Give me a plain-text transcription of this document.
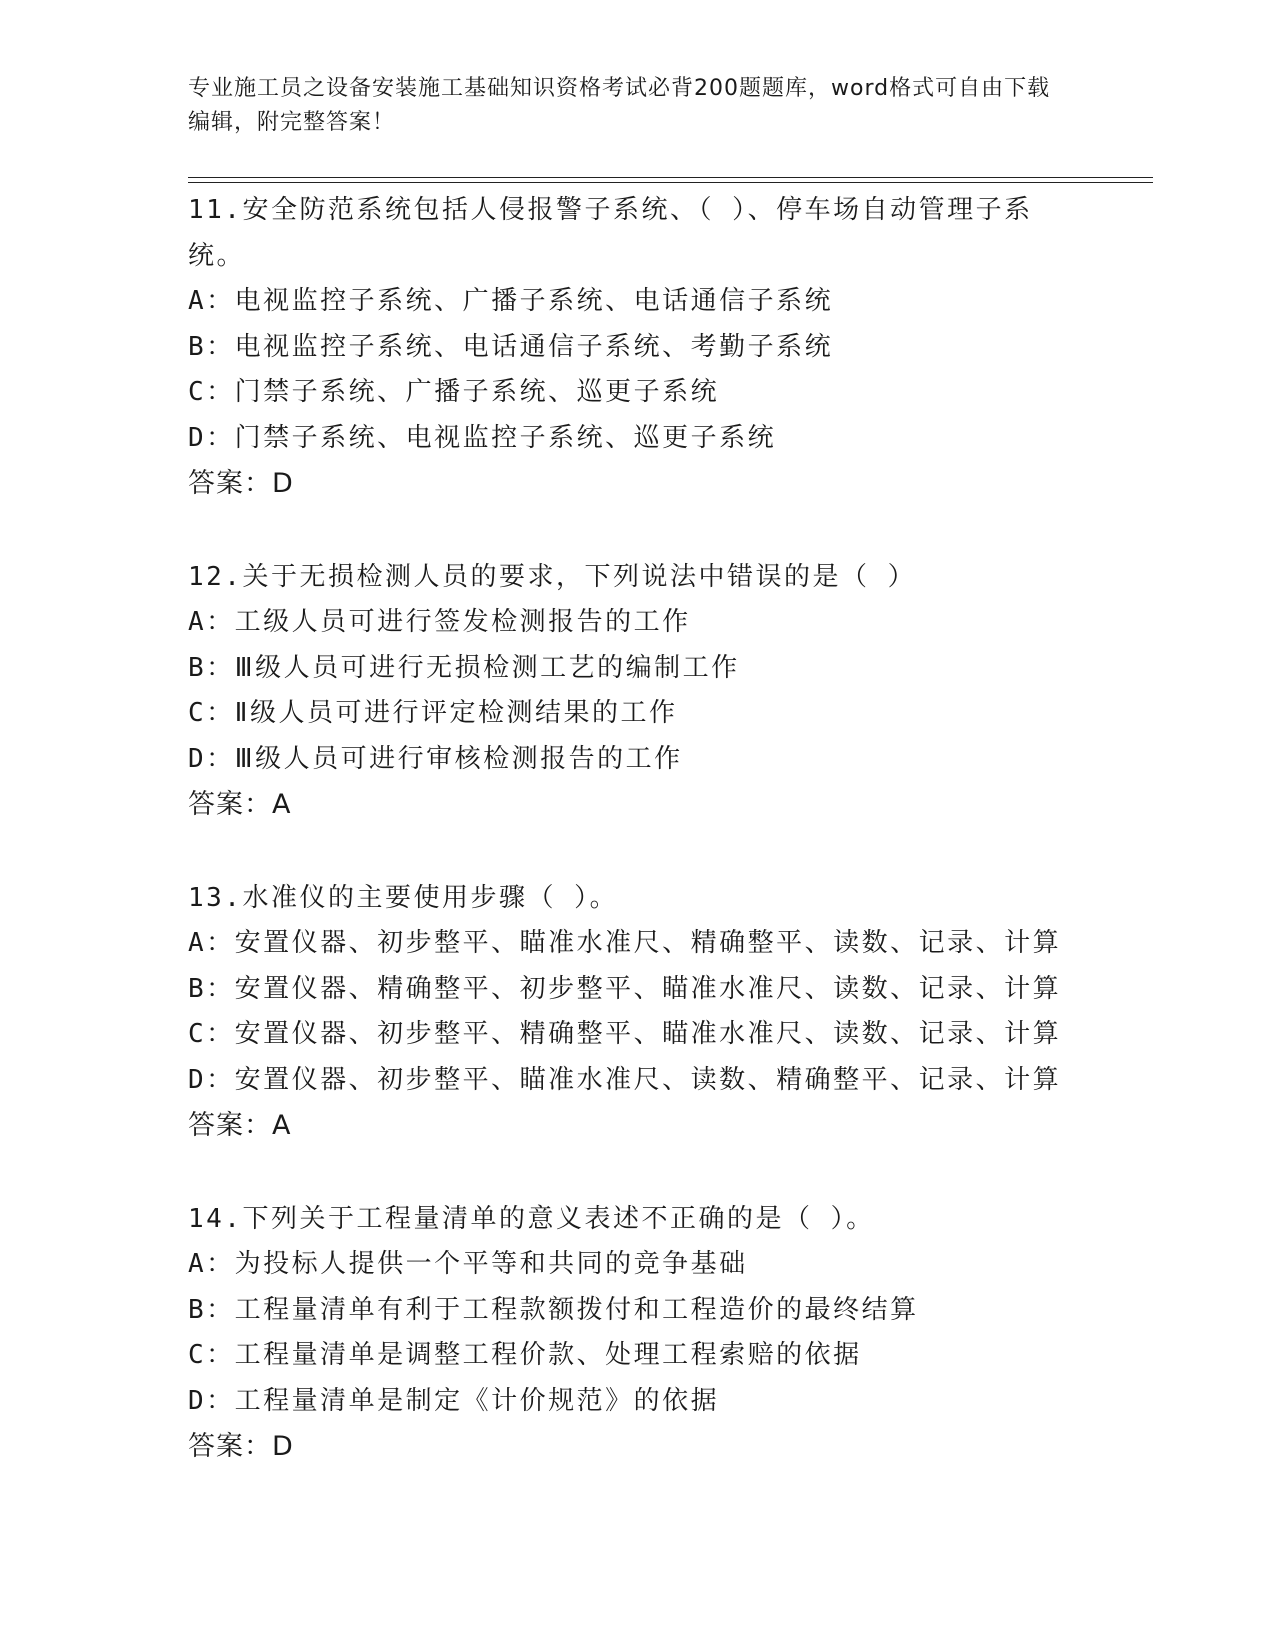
专业施工员之设备安装施工基础知识资格考试必背200题题库，word格式可自由下载编辑，附完整答案！
11.安全防范系统包括人侵报警子系统、（ ）、停车场自动管理子系统。
A：电视监控子系统、广播子系统、电话通信子系统
B：电视监控子系统、电话通信子系统、考勤子系统
C：门禁子系统、广播子系统、巡更子系统
D：门禁子系统、电视监控子系统、巡更子系统
答案：D
12.关于无损检测人员的要求，下列说法中错误的是（ ）
A：工级人员可进行签发检测报告的工作
B：Ⅲ级人员可进行无损检测工艺的编制工作
C：Ⅱ级人员可进行评定检测结果的工作
D：Ⅲ级人员可进行审核检测报告的工作
答案：A
13.水准仪的主要使用步骤（ ）。
A：安置仪器、初步整平、瞄准水准尺、精确整平、读数、记录、计算
B：安置仪器、精确整平、初步整平、瞄准水准尺、读数、记录、计算
C：安置仪器、初步整平、精确整平、瞄准水准尺、读数、记录、计算
D：安置仪器、初步整平、瞄准水准尺、读数、精确整平、记录、计算
答案：A
14.下列关于工程量清单的意义表述不正确的是（ ）。
A：为投标人提供一个平等和共同的竞争基础
B：工程量清单有利于工程款额拨付和工程造价的最终结算
C：工程量清单是调整工程价款、处理工程索赔的依据
D：工程量清单是制定《计价规范》的依据
答案：D
